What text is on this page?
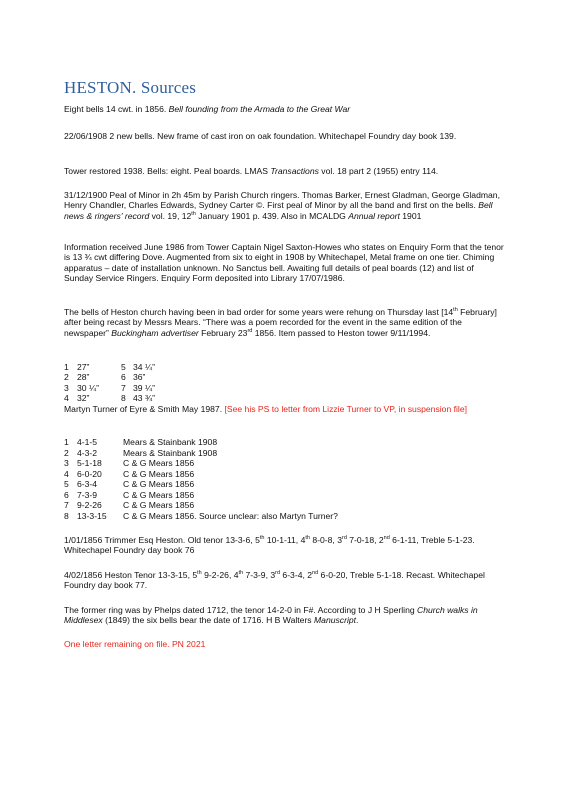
HESTON. Sources

Eight bells 14 cwt. in 1856. Bell founding from the Armada to the Great War

22/06/1908 2 new bells. New frame of cast iron on oak foundation. Whitechapel Foundry day book 139.

Tower restored 1938. Bells: eight. Peal boards. LMAS Transactions vol. 18 part 2 (1955) entry 114.

31/12/1900 Peal of Minor in 2h 45m by Parish Church ringers. Thomas Barker, Ernest Gladman, George Gladman, Henry Chandler, Charles Edwards, Sydney Carter ©. First peal of Minor by all the band and first on the bells. Bell news & ringers' record vol. 19, 12th January 1901 p. 439. Also in MCALDG Annual report 1901

Information received June 1986 from Tower Captain Nigel Saxton-Howes who states on Enquiry Form that the tenor is 13 ¾ cwt differing Dove. Augmented from six to eight in 1908 by Whitechapel, Metal frame on one tier. Chiming apparatus – date of installation unknown. No Sanctus bell. Awaiting full details of peal boards (12) and list of Sunday Service Ringers. Enquiry Form deposited into Library 17/07/1986.

The bells of Heston church having been in bad order for some years were rehung on Thursday last [14th February] after being recast by Messrs Mears. “There was a poem recorded for the event in the same edition of the newspaper” Buckingham advertiser February 23rd 1856. Item passed to Heston tower 9/11/1994.

1 27”	5 34 ¼”
2 28”	6 36”
3 30 ¼”	7 39 ¼”
4 32”	8 43 ¾”

Martyn Turner of Eyre & Smith May 1987. [See his PS to letter from Lizzie Turner to VP, in suspension file]

1 4-1-5	Mears & Stainbank 1908
2 4-3-2	Mears & Stainbank 1908
3 5-1-18 C & G Mears 1856
4 6-0-20 C & G Mears 1856
5 6-3-4	C & G Mears 1856
6 7-3-9	C & G Mears 1856
7 9-2-26 C & G Mears 1856
8 13-3-15 C & G Mears 1856. Source unclear: also Martyn Turner?

1/01/1856 Trimmer Esq Heston. Old tenor 13-3-6, 5th 10-1-11, 4th 8-0-8, 3rd 7-0-18, 2nd 6-1-11, Treble 5-1-23. Whitechapel Foundry day book 76

4/02/1856 Heston Tenor 13-3-15, 5th 9-2-26, 4th 7-3-9, 3rd 6-3-4, 2nd 6-0-20, Treble 5-1-18. Recast. Whitechapel Foundry day book 77.

The former ring was by Phelps dated 1712, the tenor 14-2-0 in F#. According to J H Sperling Church walks in Middlesex (1849) the six bells bear the date of 1716. H B Walters Manuscript.

One letter remaining on file. PN 2021
